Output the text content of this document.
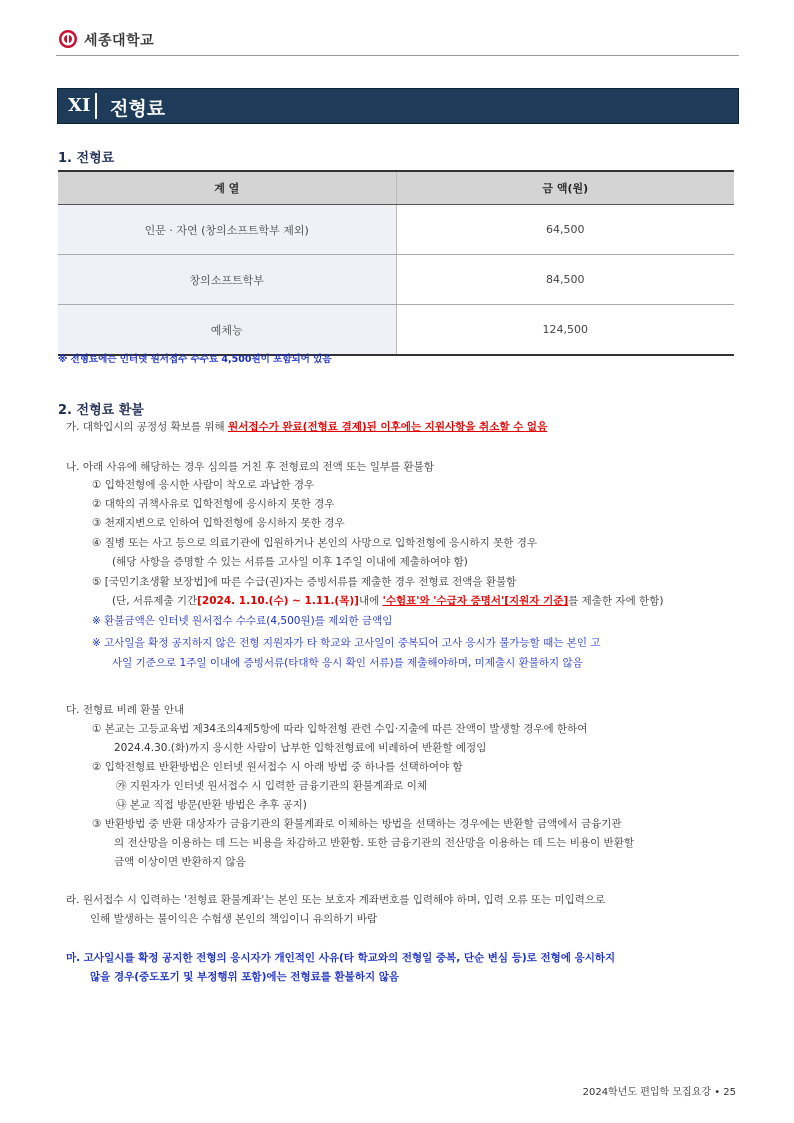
세종대학교
XI 전형료
1. 전형료
계 열	금 액(원)
인문 · 자연 (창의소프트학부 제외)	64,500
창의소프트학부	84,500
예체능	124,500
※ 전형료에는 인터넷 원서접수 수수료 4,500원이 포함되어 있음
2. 전형료 환불
가. 대학입시의 공정성 확보를 위해 원서접수가 완료(전형료 결제)된 이후에는 지원사항을 취소할 수 없음
나. 아래 사유에 해당하는 경우 심의를 거친 후 전형료의 전액 또는 일부를 환불함
① 입학전형에 응시한 사람이 착오로 과납한 경우
② 대학의 귀책사유로 입학전형에 응시하지 못한 경우
③ 천재지변으로 인하여 입학전형에 응시하지 못한 경우
④ 질병 또는 사고 등으로 의료기관에 입원하거나 본인의 사망으로 입학전형에 응시하지 못한 경우
(해당 사항을 증명할 수 있는 서류를 고사일 이후 1주일 이내에 제출하여야 함)
⑤ [국민기초생활 보장법]에 따른 수급(권)자는 증빙서류를 제출한 경우 전형료 전액을 환불함
(단, 서류제출 기간[2024. 1.10.(수) ~ 1.11.(목)]내에 '수험표'와 '수급자 증명서'[지원자 기준]를 제출한 자에 한함)
※ 환불금액은 인터넷 원서접수 수수료(4,500원)를 제외한 금액임
※ 고사일을 확정 공지하지 않은 전형 지원자가 타 학교와 고사일이 중복되어 고사 응시가 불가능할 때는 본인 고
사일 기준으로 1주일 이내에 증빙서류(타대학 응시 확인 서류)를 제출해야하며, 미제출시 환불하지 않음
다. 전형료 비례 환불 안내
① 본교는 고등교육법 제34조의4제5항에 따라 입학전형 관련 수입·지출에 따른 잔액이 발생할 경우에 한하여
2024.4.30.(화)까지 응시한 사람이 납부한 입학전형료에 비례하여 반환할 예정임
② 입학전형료 반환방법은 인터넷 원서접수 시 아래 방법 중 하나를 선택하여야 함
㉮ 지원자가 인터넷 원서접수 시 입력한 금융기관의 환불계좌로 이체
㉯ 본교 직접 방문(반환 방법은 추후 공지)
③ 반환방법 중 반환 대상자가 금융기관의 환불계좌로 이체하는 방법을 선택하는 경우에는 반환할 금액에서 금융기관
의 전산망을 이용하는 데 드는 비용을 차감하고 반환함. 또한 금융기관의 전산망을 이용하는 데 드는 비용이 반환할
금액 이상이면 반환하지 않음
라. 원서접수 시 입력하는 '전형료 환불계좌'는 본인 또는 보호자 계좌번호를 입력해야 하며, 입력 오류 또는 미입력으로
인해 발생하는 불이익은 수험생 본인의 책임이니 유의하기 바람
마. 고사일시를 확정 공지한 전형의 응시자가 개인적인 사유(타 학교와의 전형일 중복, 단순 변심 등)로 전형에 응시하지
않을 경우(중도포기 및 부정행위 포함)에는 전형료를 환불하지 않음
2024학년도 편입학 모집요강 • 25
